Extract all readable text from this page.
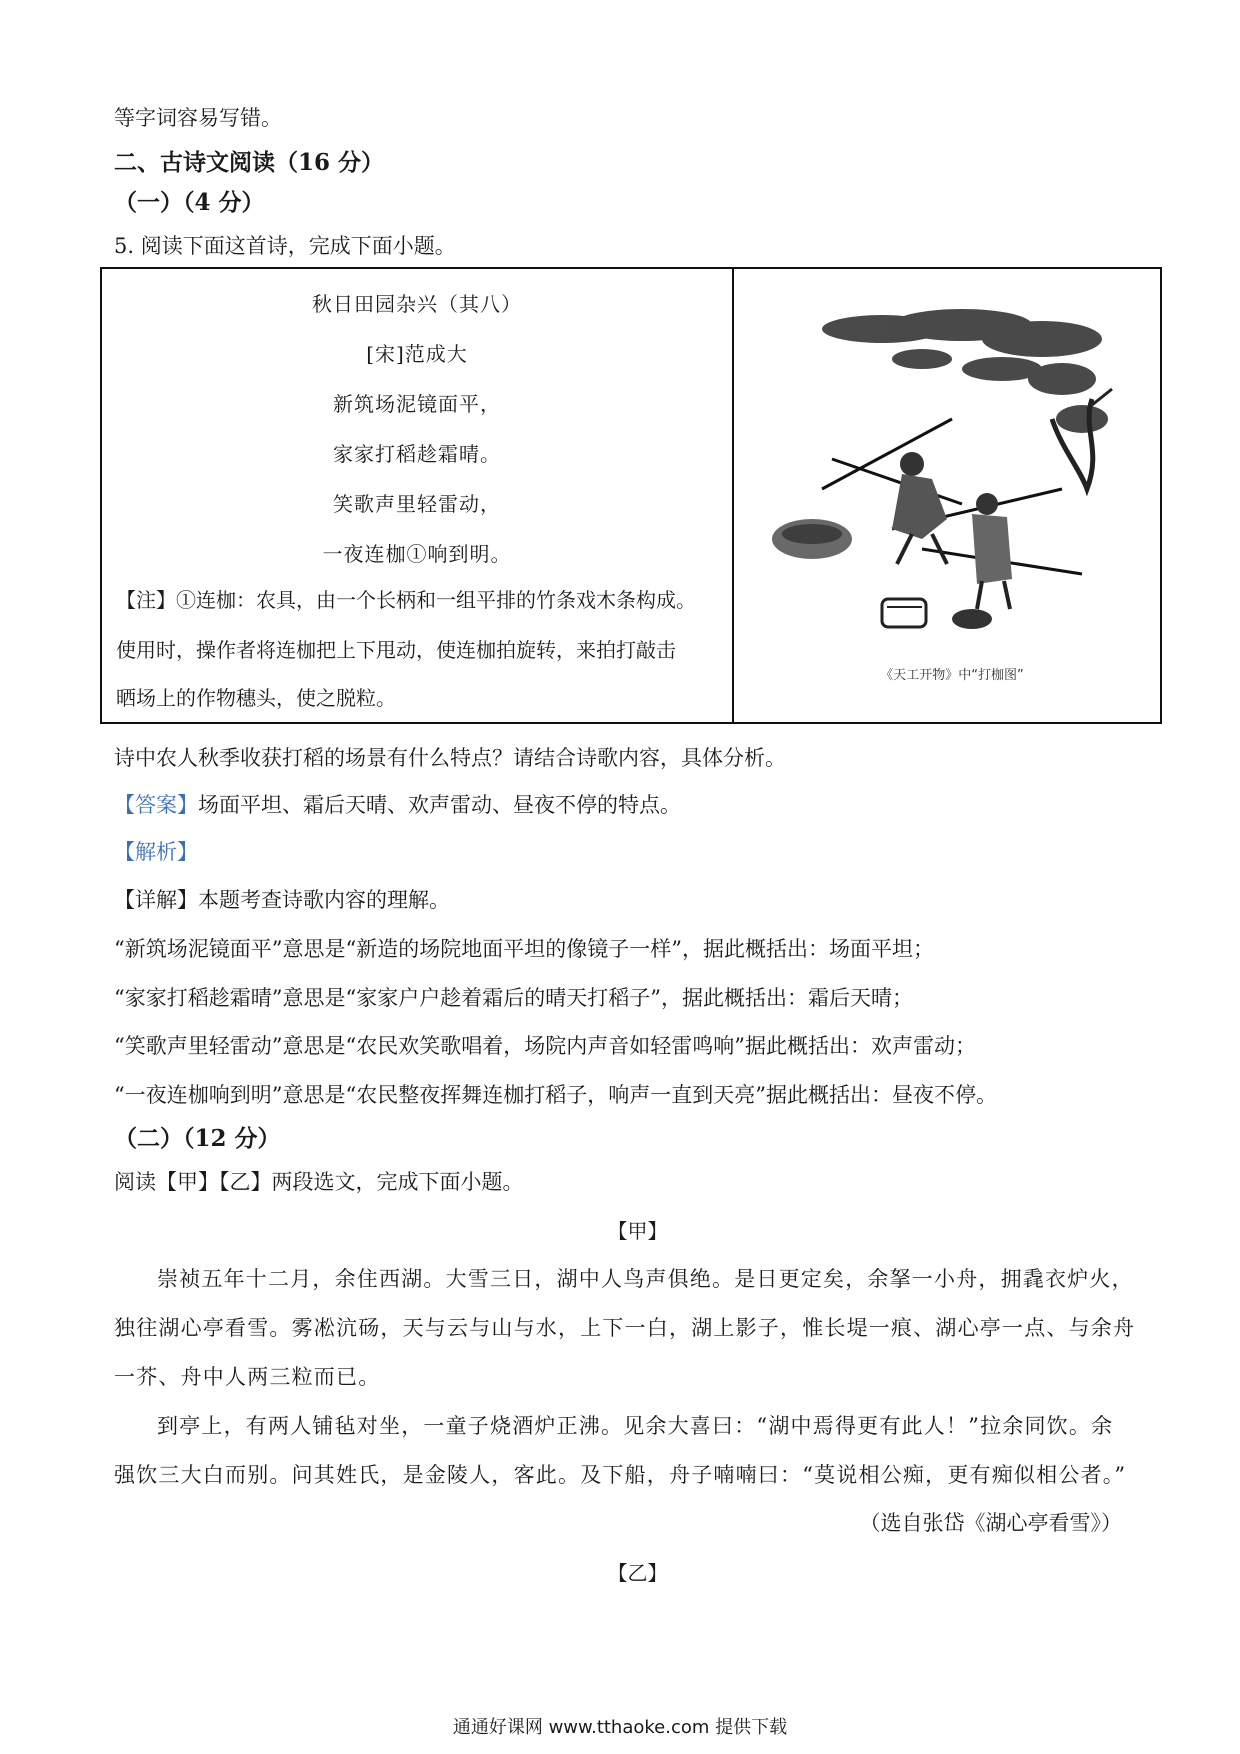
等字词容易写错。
二、古诗文阅读（16 分）
（一）（4 分）
5. 阅读下面这首诗，完成下面小题。
秋日田园杂兴（其八）
[宋]范成大
新筑场泥镜面平，
家家打稻趁霜晴。
笑歌声里轻雷动，
一夜连枷①响到明。
【注】①连枷：农具，由一个长柄和一组平排的竹条戏木条构成。
使用时，操作者将连枷把上下甩动，使连枷拍旋转，来拍打敲击
晒场上的作物穗头，使之脱粒。
《天工开物》中“打枷图”
诗中农人秋季收获打稻的场景有什么特点？请结合诗歌内容，具体分析。
【答案】场面平坦、霜后天晴、欢声雷动、昼夜不停的特点。
【解析】
【详解】本题考查诗歌内容的理解。
“新筑场泥镜面平”意思是“新造的场院地面平坦的像镜子一样”，据此概括出：场面平坦；
“家家打稻趁霜晴”意思是“家家户户趁着霜后的晴天打稻子”，据此概括出：霜后天晴；
“笑歌声里轻雷动”意思是“农民欢笑歌唱着，场院内声音如轻雷鸣响”据此概括出：欢声雷动；
“一夜连枷响到明”意思是“农民整夜挥舞连枷打稻子，响声一直到天亮”据此概括出：昼夜不停。
（二）（12 分）
阅读【甲】【乙】两段选文，完成下面小题。
【甲】
崇祯五年十二月，余住西湖。大雪三日，湖中人鸟声俱绝。是日更定矣，余拏一小舟，拥毳衣炉火，
独往湖心亭看雪。雾凇沆砀，天与云与山与水，上下一白，湖上影子，惟长堤一痕、湖心亭一点、与余舟
一芥、舟中人两三粒而已。
到亭上，有两人铺毡对坐，一童子烧酒炉正沸。见余大喜曰：“湖中焉得更有此人！”拉余同饮。余
强饮三大白而别。问其姓氏，是金陵人，客此。及下船，舟子喃喃曰：“莫说相公痴，更有痴似相公者。”
（选自张岱《湖心亭看雪》）
【乙】
通通好课网 www.tthaoke.com 提供下载
